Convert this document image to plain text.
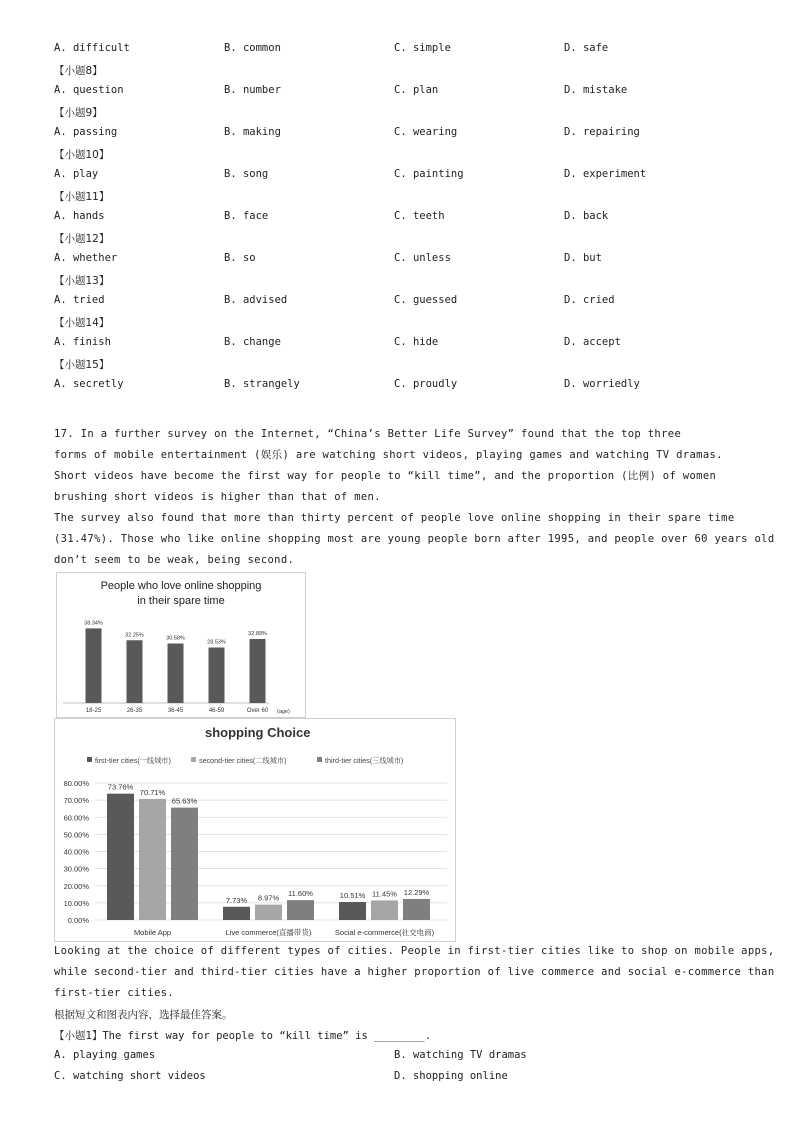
A. difficult	B. common	C. simple	D. safe
【小题8】
A. question	B. number	C. plan	D. mistake
【小题9】
A. passing	B. making	C. wearing	D. repairing
【小题10】
A. play	B. song	C. painting	D. experiment
【小题11】
A. hands	B. face	C. teeth	D. back
【小题12】
A. whether	B. so	C. unless	D. but
【小题13】
A. tried	B. advised	C. guessed	D. cried
【小题14】
A. finish	B. change	C. hide	D. accept
【小题15】
A. secretly	B. strangely	C. proudly	D. worriedly
17. In a further survey on the Internet, “China’s Better Life Survey” found that the top three
forms of mobile entertainment (娱乐) are watching short videos, playing games and watching TV dramas.
Short videos have become the first way for people to “kill time”, and the proportion (比例) of women
brushing short videos is higher than that of men.
The survey also found that more than thirty percent of people love online shopping in their spare time
(31.47%). Those who like online shopping most are young people born after 1995, and people over 60 years old
don’t seem to be weak, being second.
People who love online shopping
in their spare time
38.34%
18-25
32.25%
26-35
30.58%
36-45
28.53%
46-59
32.89%
Over 60 (age)
shopping Choice
first-tier cities(一线城市)	second-tier cities(二线城市)	third-tier cities(三线城市)
0.00%
10.00%
20.00%
30.00%
40.00%
50.00%
60.00%
70.00%
80.00%	73.76%
70.71%
65.63%
Mobile App
7.73% 8.97%
11.60%
Live commerce(直播带货)
10.51% 11.45% 12.29%
Social e-commerce(社交电商)
Looking at the choice of different types of cities. People in first-tier cities like to shop on mobile apps,
while second-tier and third-tier cities have a higher proportion of live commerce and social e-commerce than
first-tier cities.
根据短文和图表内容，选择最佳答案。
【小题1】The first way for people to “kill time” is ________.
A. playing games	B. watching TV dramas
C. watching short videos	D. shopping online
